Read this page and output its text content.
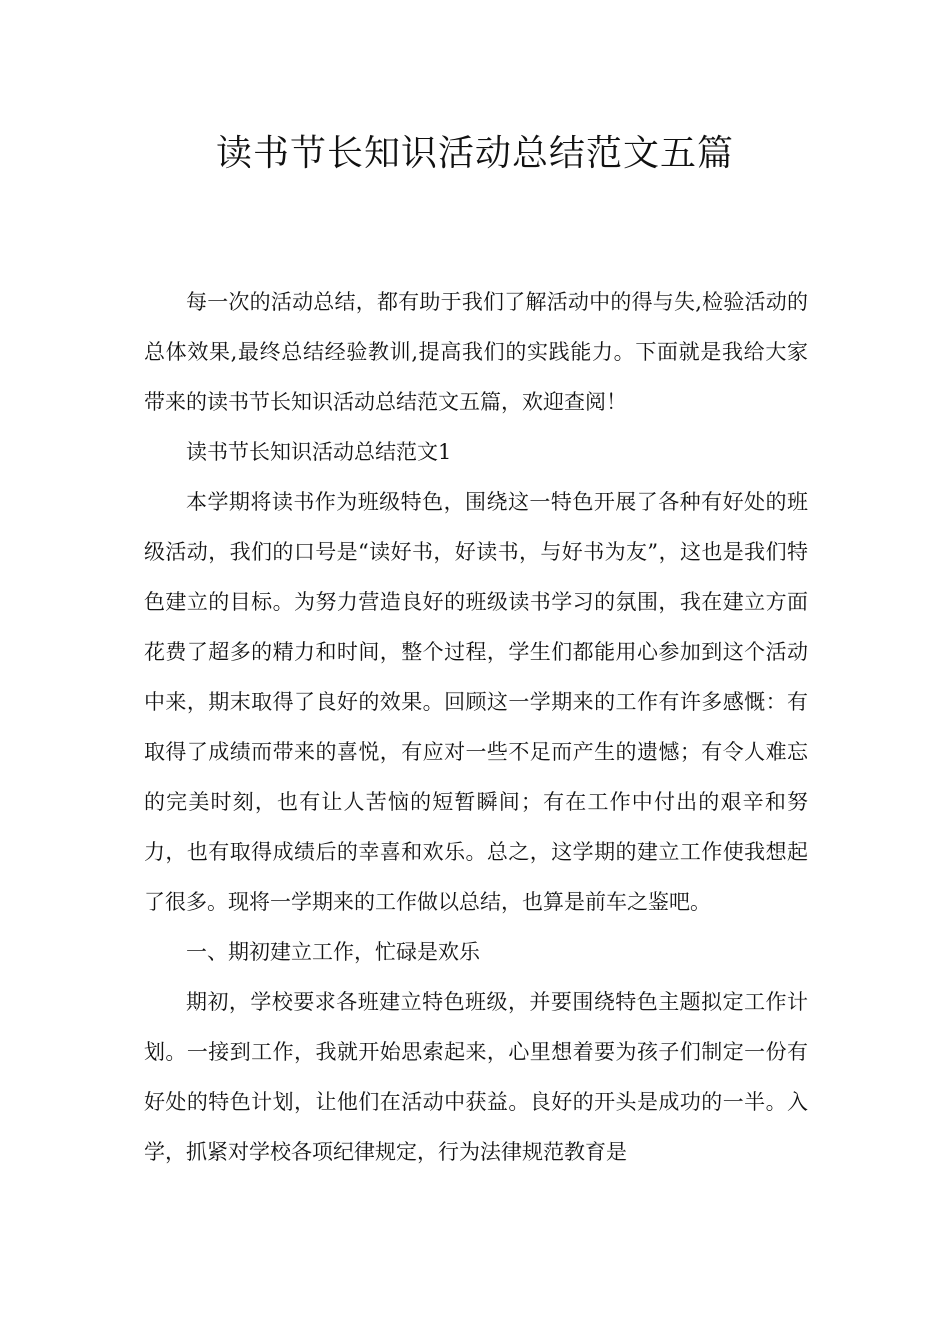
读书节长知识活动总结范文五篇

每一次的活动总结，都有助于我们了解活动中的得与失,检验活动的总体效果,最终总结经验教训,提高我们的实践能力。下面就是我给大家带来的读书节长知识活动总结范文五篇，欢迎查阅！

读书节长知识活动总结范文1

本学期将读书作为班级特色，围绕这一特色开展了各种有好处的班级活动，我们的口号是“读好书，好读书，与好书为友”，这也是我们特色建立的目标。为努力营造良好的班级读书学习的氛围，我在建立方面花费了超多的精力和时间，整个过程，学生们都能用心参加到这个活动中来，期末取得了良好的效果。回顾这一学期来的工作有许多感慨：有取得了成绩而带来的喜悦，有应对一些不足而产生的遗憾；有令人难忘的完美时刻，也有让人苦恼的短暂瞬间；有在工作中付出的艰辛和努力，也有取得成绩后的幸喜和欢乐。总之，这学期的建立工作使我想起了很多。现将一学期来的工作做以总结，也算是前车之鉴吧。

一、期初建立工作，忙碌是欢乐

期初，学校要求各班建立特色班级，并要围绕特色主题拟定工作计划。一接到工作，我就开始思索起来，心里想着要为孩子们制定一份有好处的特色计划，让他们在活动中获益。良好的开头是成功的一半。入学，抓紧对学校各项纪律规定，行为法律规范教育是
